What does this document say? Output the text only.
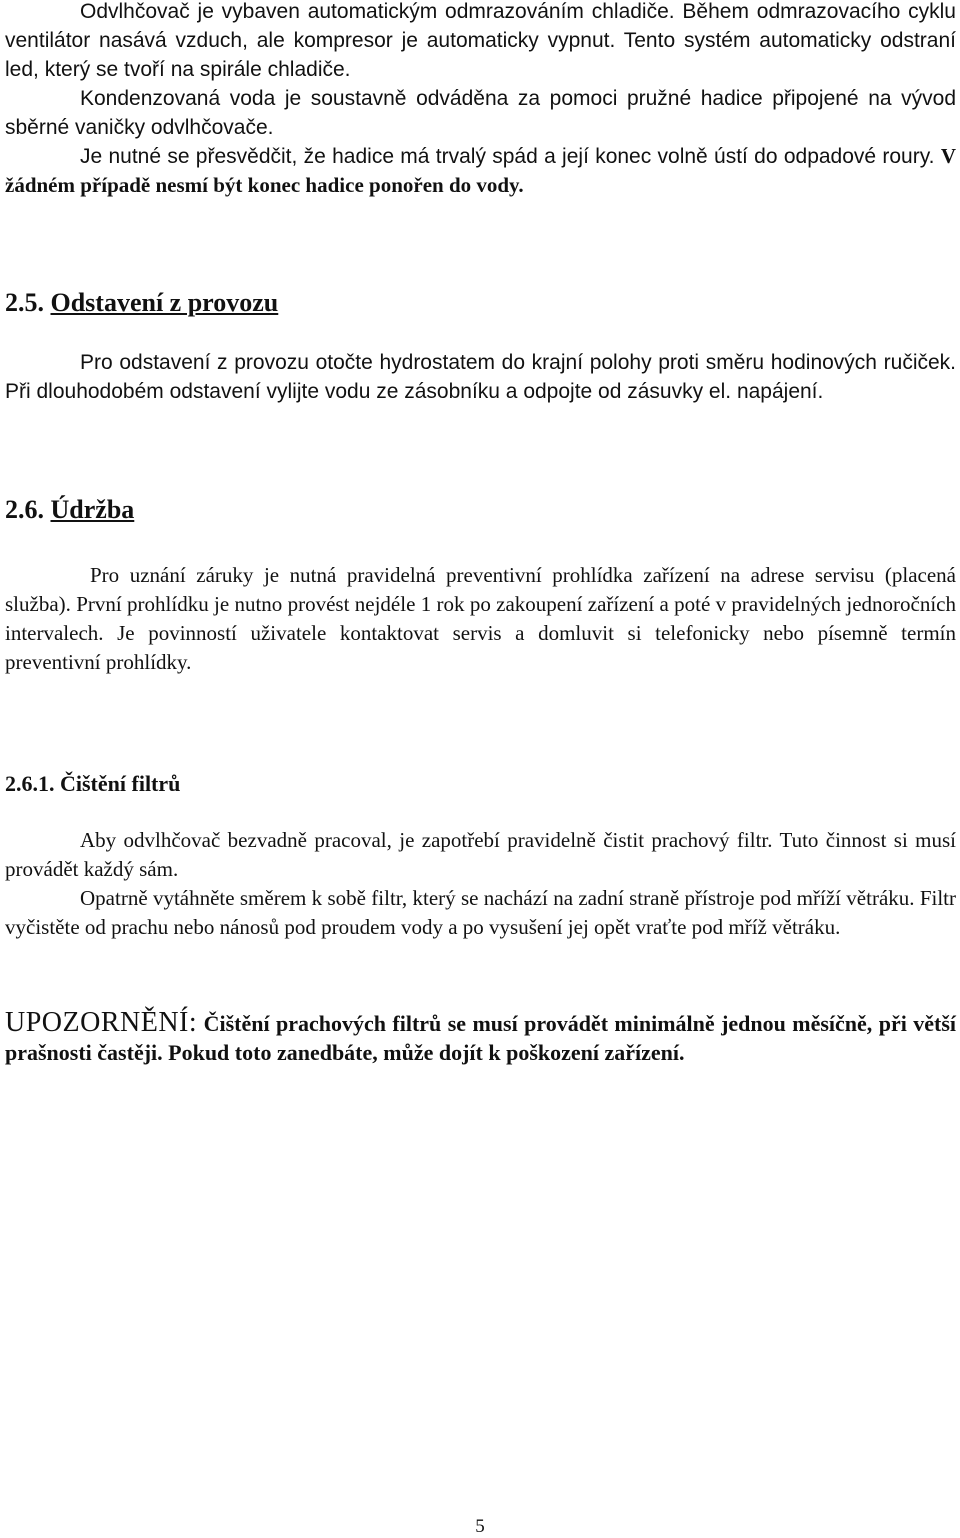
Odvlhčovač je vybaven automatickým odmrazováním chladiče. Během odmrazovacího cyklu ventilátor nasává vzduch, ale kompresor je automaticky vypnut. Tento systém automaticky odstraní led, který se tvoří na spirále chladiče.

Kondenzovaná voda je soustavně odváděna za pomoci pružné hadice připojené na vývod sběrné vaničky odvlhčovače.

Je nutné se přesvědčit, že hadice má trvalý spád a její konec volně ústí do odpadové roury. V žádném případě nesmí být konec hadice ponořen do vody.

2.5. Odstavení z provozu

Pro odstavení z provozu otočte hydrostatem do krajní polohy proti směru hodinových ručiček. Při dlouhodobém odstavení vylijte vodu ze zásobníku a odpojte od zásuvky el. napájení.

2.6. Údržba

Pro uznání záruky je nutná pravidelná preventivní prohlídka zařízení na adrese servisu (placená služba). První prohlídku je nutno provést nejdéle 1 rok po zakoupení zařízení a poté v pravidelných jednoročních intervalech. Je povinností uživatele kontaktovat servis a domluvit si telefonicky nebo písemně termín preventivní prohlídky.

2.6.1. Čištění filtrů

Aby odvlhčovač bezvadně pracoval, je zapotřebí pravidelně čistit prachový filtr. Tuto činnost si musí provádět každý sám.

Opatrně vytáhněte směrem k sobě filtr, který se nachází na zadní straně přístroje pod mříží větráku. Filtr vyčistěte od prachu nebo nánosů pod proudem vody a po vysušení jej opět vraťte pod mříž větráku.

UPOZORNĚNÍ: Čištění prachových filtrů se musí provádět minimálně jednou měsíčně, při větší prašnosti častěji. Pokud toto zanedbáte, může dojít k poškození zařízení.

5
